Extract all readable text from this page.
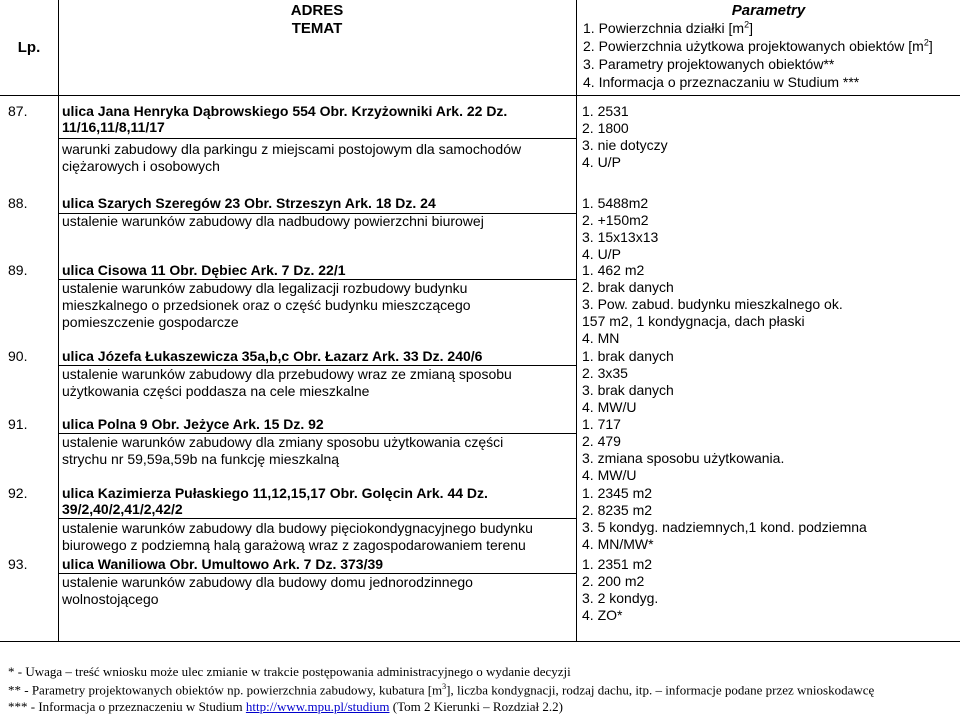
Lp.
ADRES
TEMAT
Parametry
1. Powierzchnia działki $[m^2]$
2. Powierzchnia użytkowa projektowanych obiektów $[m^2]$
3. Parametry projektowanych obiektów**
4. Informacja o przeznaczaniu w Studium ***
87. ulica Jana Henryka Dąbrowskiego 554 Obr. Krzyżowniki Ark. 22 Dz.
11/16,11/8,11/17
warunki zabudowy dla parkingu z miejscami postojowym dla samochodów
ciężarowych i osobowych
1. 2531
2. 1800
3. nie dotyczy
4. U/P
88. ulica Szarych Szeregów 23 Obr. Strzeszyn Ark. 18 Dz. 24
ustalenie warunków zabudowy dla nadbudowy powierzchni biurowej
1. 5488m2
2. +150m2
3. 15x13x13
4. U/P
89. ulica Cisowa 11 Obr. Dębiec Ark. 7 Dz. 22/1
ustalenie warunków zabudowy dla legalizacji rozbudowy budynku
mieszkalnego o przedsionek oraz o część budynku mieszczącego
pomieszczenie gospodarcze
1. 462 m2
2. brak danych
3. Pow. zabud. budynku mieszkalnego ok.
157 m2, 1 kondygnacja, dach płaski
4. MN
90. ulica Józefa Łukaszewicza 35a,b,c Obr. Łazarz Ark. 33 Dz. 240/6
ustalenie warunków zabudowy dla przebudowy wraz ze zmianą sposobu
użytkowania części poddasza na cele mieszkalne
1. brak danych
2. 3x35
3. brak danych
4. MW/U
91. ulica Polna 9 Obr. Jeżyce Ark. 15 Dz. 92
ustalenie warunków zabudowy dla zmiany sposobu użytkowania części
strychu nr 59,59a,59b na funkcję mieszkalną
1. 717
2. 479
3. zmiana sposobu użytkowania.
4. MW/U
92. ulica Kazimierza Pułaskiego 11,12,15,17 Obr. Golęcin Ark. 44 Dz.
39/2,40/2,41/2,42/2
ustalenie warunków zabudowy dla budowy pięciokondygnacyjnego budynku
biurowego z podziemną halą garażową wraz z zagospodarowaniem terenu
1. 2345 m2
2. 8235 m2
3. 5 kondyg. nadziemnych,1 kond. podziemna
4. MN/MW*
93. ulica Waniliowa Obr. Umultowo Ark. 7 Dz. 373/39
ustalenie warunków zabudowy dla budowy domu jednorodzinnego
wolnostojącego
1. 2351 m2
2. 200 m2
3. 2 kondyg.
4. ZO*
* - Uwaga – treść wniosku może ulec zmianie w trakcie postępowania administracyjnego o wydanie decyzji
** - Parametry projektowanych obiektów np. powierzchnia zabudowy, kubatura $[m^3]$, liczba kondygnacji, rodzaj dachu, itp. – informacje podane przez wnioskodawcę
*** - Informacja o przeznaczeniu w Studium http://www.mpu.pl/studium (Tom 2 Kierunki – Rozdział 2.2)
